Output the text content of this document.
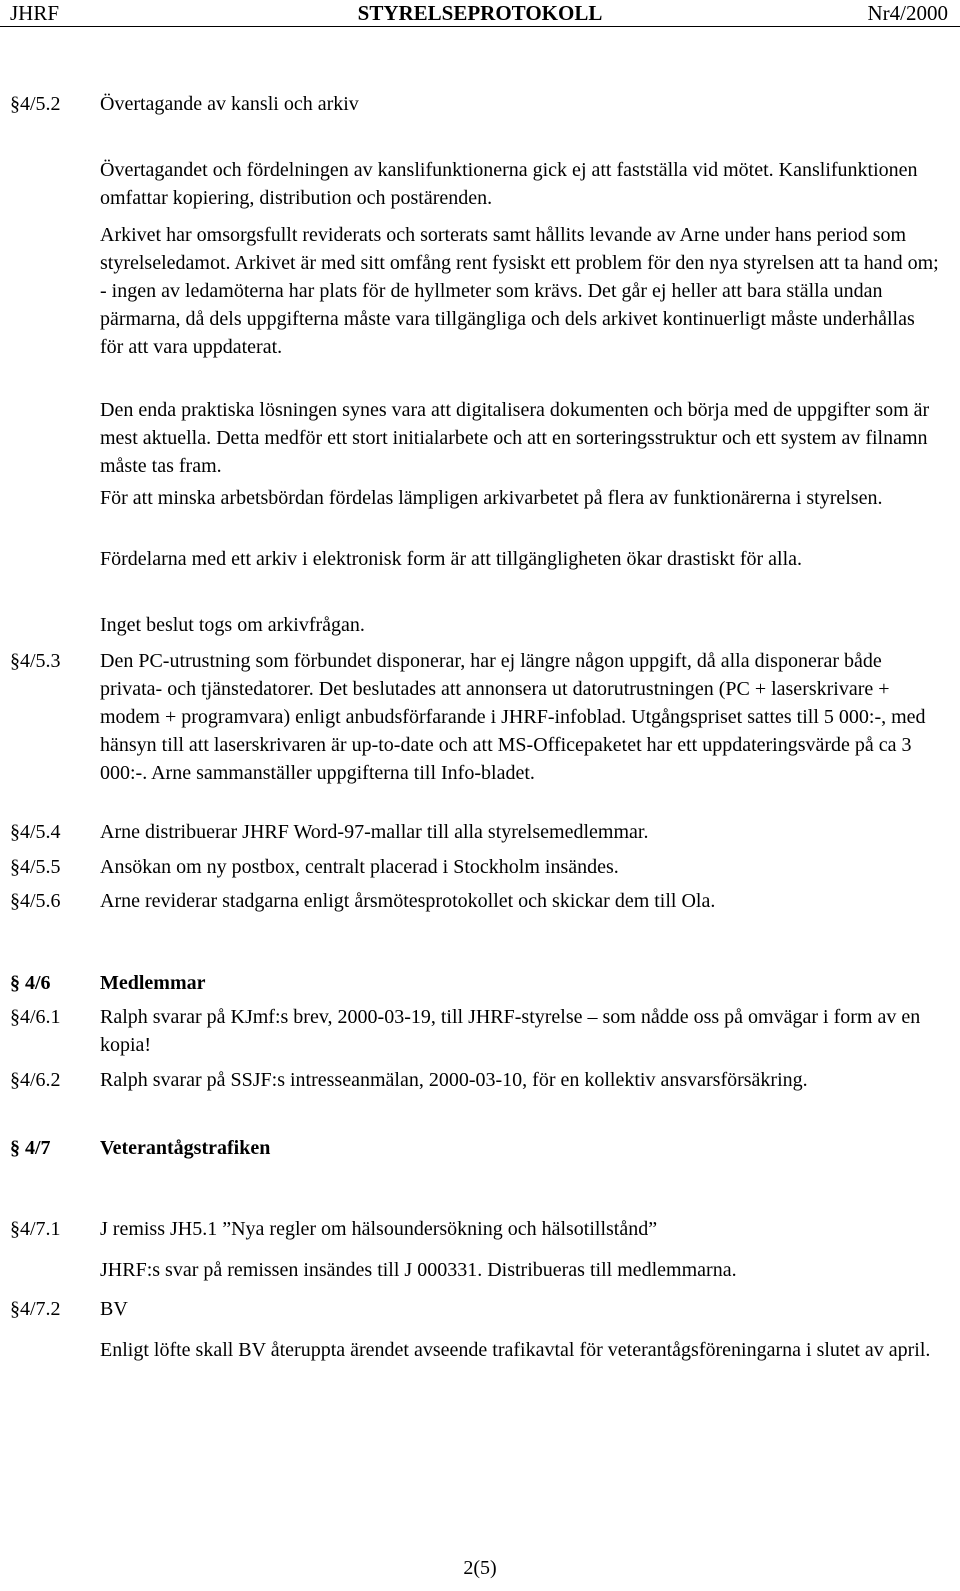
STYRELSEPROTOKOLL
JHRF	Nr4/2000
§4/5.2	Övertagande av kansli och arkiv
Övertagandet och fördelningen av kanslifunktionerna gick ej att fastställa vid mötet. Kanslifunktionen omfattar kopiering, distribution och postärenden.
Arkivet har omsorgsfullt reviderats och sorterats samt hållits levande av Arne under hans period som styrelseledamot. Arkivet är med sitt omfång rent fysiskt ett problem för den nya styrelsen att ta hand om; - ingen av ledamöterna har plats för de hyllmeter som krävs. Det går ej heller att bara ställa undan pärmarna, då dels uppgifterna måste vara tillgängliga och dels arkivet kontinuerligt måste underhållas för att vara uppdaterat.
Den enda praktiska lösningen synes vara att digitalisera dokumenten och börja med de uppgifter som är mest aktuella. Detta medför ett stort initialarbete och att en sorteringsstruktur och ett system av filnamn måste tas fram.
För att minska arbetsbördan fördelas lämpligen arkivarbetet på flera av funktionärerna i styrelsen.
Fördelarna med ett arkiv i elektronisk form är att tillgängligheten ökar drastiskt för alla.
Inget beslut togs om arkivfrågan.
§4/5.3	Den PC-utrustning som förbundet disponerar, har ej längre någon uppgift, då alla disponerar både privata- och tjänstedatorer. Det beslutades att annonsera ut datorutrustningen (PC + laserskrivare + modem + programvara) enligt anbudsförfarande i JHRF-infoblad. Utgångspriset sattes till 5 000:-, med hänsyn till att laserskrivaren är up-to-date och att MS-Officepaketet har ett uppdateringsvärde på ca 3 000:-. Arne sammanställer uppgifterna till Info-bladet.
§4/5.4	Arne distribuerar JHRF Word-97-mallar till alla styrelsemedlemmar.
§4/5.5	Ansökan om ny postbox, centralt placerad i Stockholm insändes.
§4/5.6	Arne reviderar stadgarna enligt årsmötesprotokollet och skickar dem till Ola.
§ 4/6	Medlemmar
§4/6.1	Ralph svarar på KJmf:s brev, 2000-03-19, till JHRF-styrelse – som nådde oss på omvägar i form av en kopia!
§4/6.2	Ralph svarar på SSJF:s intresseanmälan, 2000-03-10, för en kollektiv ansvarsförsäkring.
§ 4/7	Veterantågstrafiken
§4/7.1	J remiss JH5.1 ”Nya regler om hälsoundersökning och hälsotillstånd”
JHRF:s svar på remissen insändes till J 000331. Distribueras till medlemmarna.
§4/7.2	BV
Enligt löfte skall BV återuppta ärendet avseende trafikavtal för veterantågsföreningarna i slutet av april.
2(5)
